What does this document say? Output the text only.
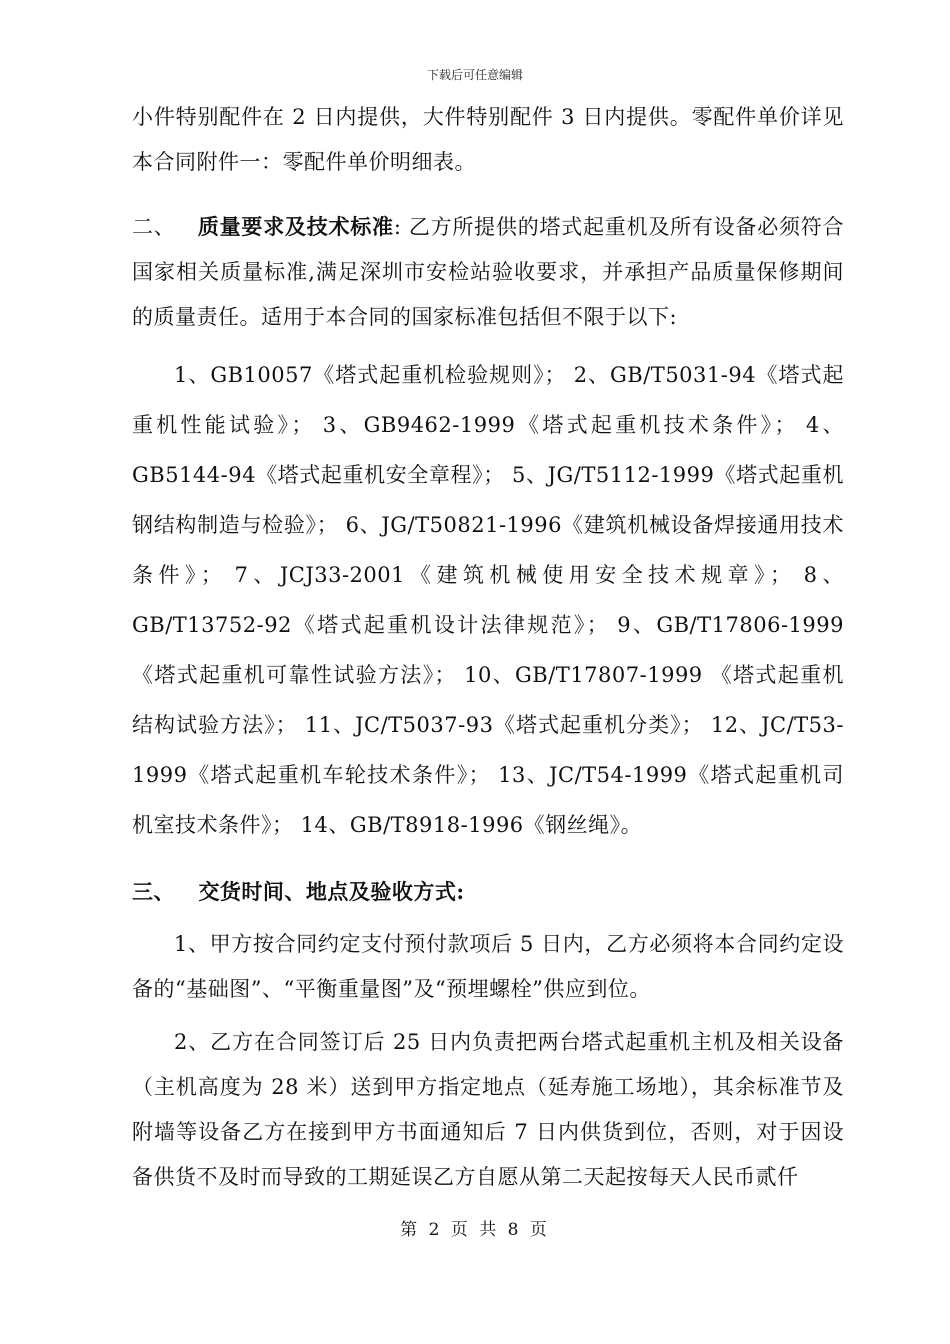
下载后可任意编辑

小件特别配件在 2 日内提供，大件特别配件 3 日内提供。零配件单价详见本合同附件一：零配件单价明细表。

二、 质量要求及技术标准: 乙方所提供的塔式起重机及所有设备必须符合国家相关质量标准,满足深圳市安检站验收要求，并承担产品质量保修期间的质量责任。适用于本合同的国家标准包括但不限于以下:

1、GB10057《塔式起重机检验规则》； 2、GB/T5031-94《塔式起重机性能试验》； 3、GB9462-1999《塔式起重机技术条件》； 4、GB5144-94《塔式起重机安全章程》； 5、JG/T5112-1999《塔式起重机钢结构制造与检验》； 6、JG/T50821-1996《建筑机械设备焊接通用技术条件》； 7、JCJ33-2001《建筑机械使用安全技术规章》； 8、GB/T13752-92《塔式起重机设计法律规范》； 9、GB/T17806-1999《塔式起重机可靠性试验方法》； 10、GB/T17807-1999 《塔式起重机结构试验方法》； 11、JC/T5037-93《塔式起重机分类》； 12、JC/T53-1999《塔式起重机车轮技术条件》； 13、JC/T54-1999《塔式起重机司机室技术条件》； 14、GB/T8918-1996《钢丝绳》。

三、 交货时间、地点及验收方式:

1、甲方按合同约定支付预付款项后 5 日内，乙方必须将本合同约定设备的“基础图”、“平衡重量图”及“预埋螺栓”供应到位。

2、乙方在合同签订后 25 日内负责把两台塔式起重机主机及相关设备（主机高度为 28 米）送到甲方指定地点（延寿施工场地），其余标准节及附墙等设备乙方在接到甲方书面通知后 7 日内供货到位，否则，对于因设备供货不及时而导致的工期延误乙方自愿从第二天起按每天人民币贰仟

第 2 页 共 8 页
